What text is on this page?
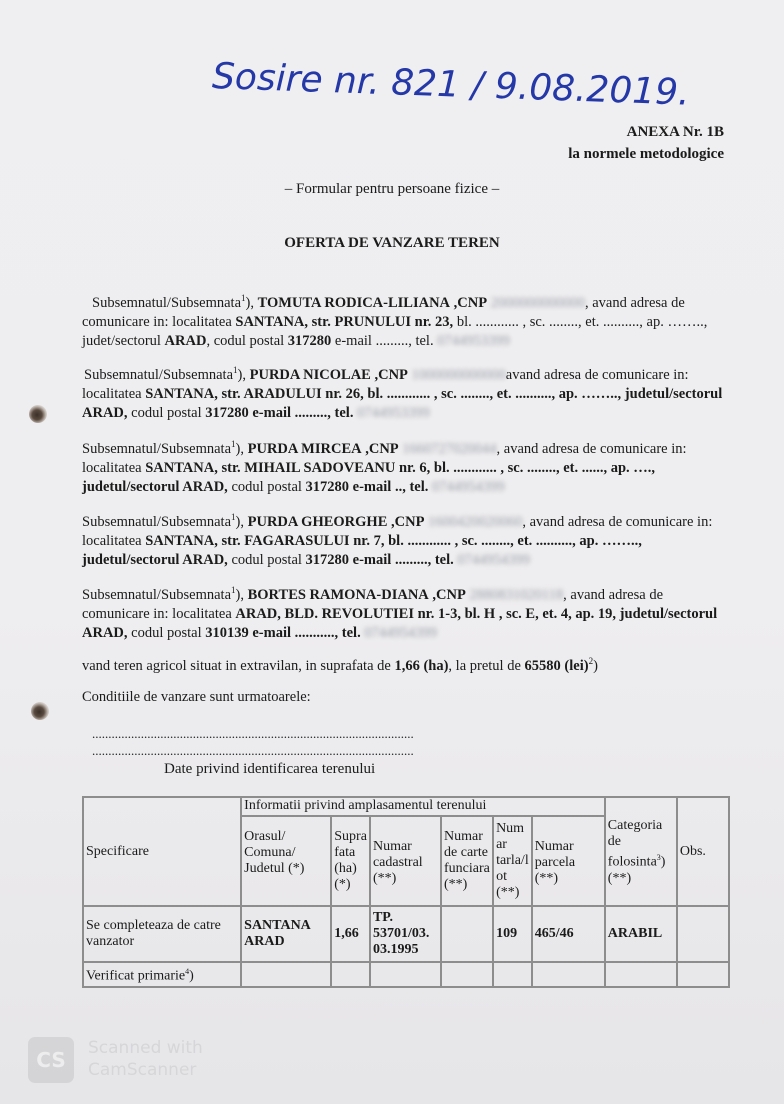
Sosire nr. 821 / 9.08.2019.
ANEXA Nr. 1B
la normele metodologice
– Formular pentru persoane fizice –
OFERTA DE VANZARE TEREN
Subsemnatul/Subsemnata$^1$), TOMUTA RODICA-LILIANA ,CNP 2000000000000, avand adresa de comunicare in: localitatea SANTANA, str. PRUNULUI nr. 23, bl. ............ , sc. ........, et. .........., ap. …….., judet/sectorul ARAD, codul postal 317280 e-mail ........., tel. 0744953399
Subsemnatul/Subsemnata$^1$), PURDA NICOLAE ,CNP 1000000000000avand adresa de comunicare in: localitatea SANTANA, str. ARADULUI nr. 26, bl. ............ , sc. ........, et. .........., ap. …….., judetul/sectorul ARAD, codul postal 317280 e-mail ........., tel. 0744953399
Subsemnatul/Subsemnata$^1$), PURDA MIRCEA ,CNP 1660727020044, avand adresa de comunicare in: localitatea SANTANA, str. MIHAIL SADOVEANU nr. 6, bl. ............ , sc. ........, et. ......, ap. …., judetul/sectorul ARAD, codul postal 317280 e-mail .., tel. 0744954399
Subsemnatul/Subsemnata$^1$), PURDA GHEORGHE ,CNP 1600420020060, avand adresa de comunicare in: localitatea SANTANA, str. FAGARASULUI nr. 7, bl. ............ , sc. ........, et. .........., ap. …….., judetul/sectorul ARAD, codul postal 317280 e-mail ........., tel. 0744954399
Subsemnatul/Subsemnata$^1$), BORTES RAMONA-DIANA ,CNP 2880831020118, avand adresa de comunicare in: localitatea ARAD, BLD. REVOLUTIEI nr. 1-3, bl. H , sc. E, et. 4, ap. 19, judetul/sectorul ARAD, codul postal 310139 e-mail ..........., tel. 0744954399
vand teren agricol situat in extravilan, in suprafata de 1,66 (ha), la pretul de 65580 (lei)$^2$)
Conditiile de vanzare sunt urmatoarele:
...................................................................................................
...................................................................................................
Date privind identificarea terenului
Specificare	Informatii privind amplasamentul terenului						Categoria de folosinta$^3$) (**)	Obs.
	Orasul/ Comuna/ Judetul (*)	Supra fata (ha) (*)	Numar cadastral (**)	Numar de carte funciara (**)	Num ar tarla/l ot (**)	Numar parcela (**)		
Se completeaza de catre vanzator	SANTANA ARAD	1,66	TP. 53701/03. 03.1995		109	465/46	ARABIL	
Verificat primarie$^4$)								
CS	Scanned with
CamScanner
